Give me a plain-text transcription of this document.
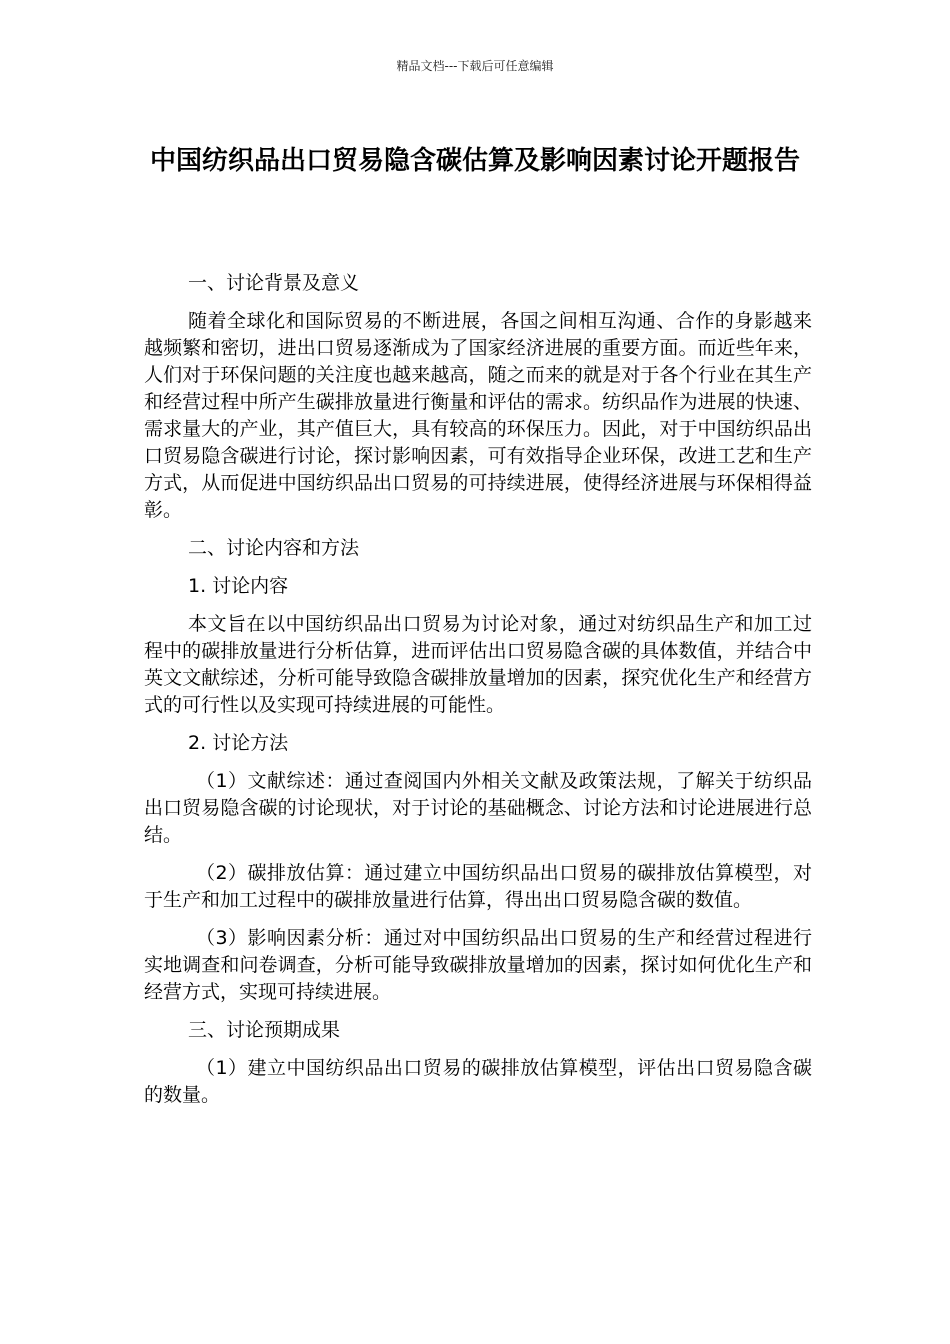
精品文档---下载后可任意编辑
中国纺织品出口贸易隐含碳估算及影响因素讨论开题报告

一、讨论背景及意义

随着全球化和国际贸易的不断进展，各国之间相互沟通、合作的身影越来越频繁和密切，进出口贸易逐渐成为了国家经济进展的重要方面。而近些年来，人们对于环保问题的关注度也越来越高，随之而来的就是对于各个行业在其生产和经营过程中所产生碳排放量进行衡量和评估的需求。纺织品作为进展的快速、需求量大的产业，其产值巨大，具有较高的环保压力。因此，对于中国纺织品出口贸易隐含碳进行讨论，探讨影响因素，可有效指导企业环保，改进工艺和生产方式，从而促进中国纺织品出口贸易的可持续进展，使得经济进展与环保相得益彰。

二、讨论内容和方法

1. 讨论内容

本文旨在以中国纺织品出口贸易为讨论对象，通过对纺织品生产和加工过程中的碳排放量进行分析估算，进而评估出口贸易隐含碳的具体数值，并结合中英文文献综述，分析可能导致隐含碳排放量增加的因素，探究优化生产和经营方式的可行性以及实现可持续进展的可能性。

2. 讨论方法

（1）文献综述：通过查阅国内外相关文献及政策法规，了解关于纺织品出口贸易隐含碳的讨论现状，对于讨论的基础概念、讨论方法和讨论进展进行总结。

（2）碳排放估算：通过建立中国纺织品出口贸易的碳排放估算模型，对于生产和加工过程中的碳排放量进行估算，得出出口贸易隐含碳的数值。

（3）影响因素分析：通过对中国纺织品出口贸易的生产和经营过程进行实地调查和问卷调查，分析可能导致碳排放量增加的因素，探讨如何优化生产和经营方式，实现可持续进展。

三、讨论预期成果

（1）建立中国纺织品出口贸易的碳排放估算模型，评估出口贸易隐含碳的数量。
